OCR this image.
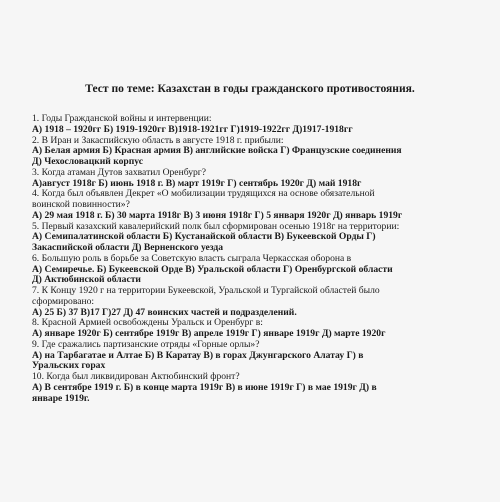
Тест по теме: Казахстан в годы гражданского противостояния.
1. Годы Гражданской войны и интервенции:
А) 1918 – 1920гг Б) 1919-1920гг В)1918-1921гг Г)1919-1922гг Д)1917-1918гг
2. В Иран и Закаспийскую область в августе 1918 г. прибыли:
А) Белая армия Б) Красная армия В) английские войска Г) Французские соединения
Д) Чехословацкий корпус
3. Когда атаман Дутов захватил Оренбург?
А)август 1918г Б) июнь 1918 г. В) март 1919г Г) сентябрь 1920г Д) май 1918г
4. Когда был объявлен Декрет «О мобилизации трудящихся на основе обязательной
воинской повинности»?
А) 29 мая 1918 г. Б) 30 марта 1918г В) 3 июня 1918г Г) 5 января 1920г Д) январь 1919г
5. Первый казахский кавалерийский полк был сформирован осенью 1918г на территории:
А) Семипалатинской области Б) Кустанайской области В) Букеевской Орды Г)
Закаспийской области Д) Верненского уезда
6. Большую роль в борьбе за Советскую власть сыграла Черкасская оборона в
А) Семиречье. Б) Букеевской Орде В) Уральской области Г) Оренбургской области
Д) Актюбинской области
7. К Концу 1920 г на территории Букеевской, Уральской и Тургайской областей было
сформировано:
А) 25 Б) 37 В)17 Г)27 Д) 47 воинских частей и подразделений.
8. Красной Армией освобождены Уральск и Оренбург в:
А) январе 1920г Б) сентябре 1919г В) апреле 1919г Г) январе 1919г Д) марте 1920г
9. Где сражались партизанские отряды «Горные орлы»?
А) на Тарбагатае и Алтае Б) В Каратау В) в горах Джунгарского Алатау Г) в
Уральских горах
10. Когда был ликвидирован Актюбинский фронт?
А) В сентябре 1919 г. Б) в конце марта 1919г В) в июне 1919г Г) в мае 1919г Д) в
январе 1919г.
